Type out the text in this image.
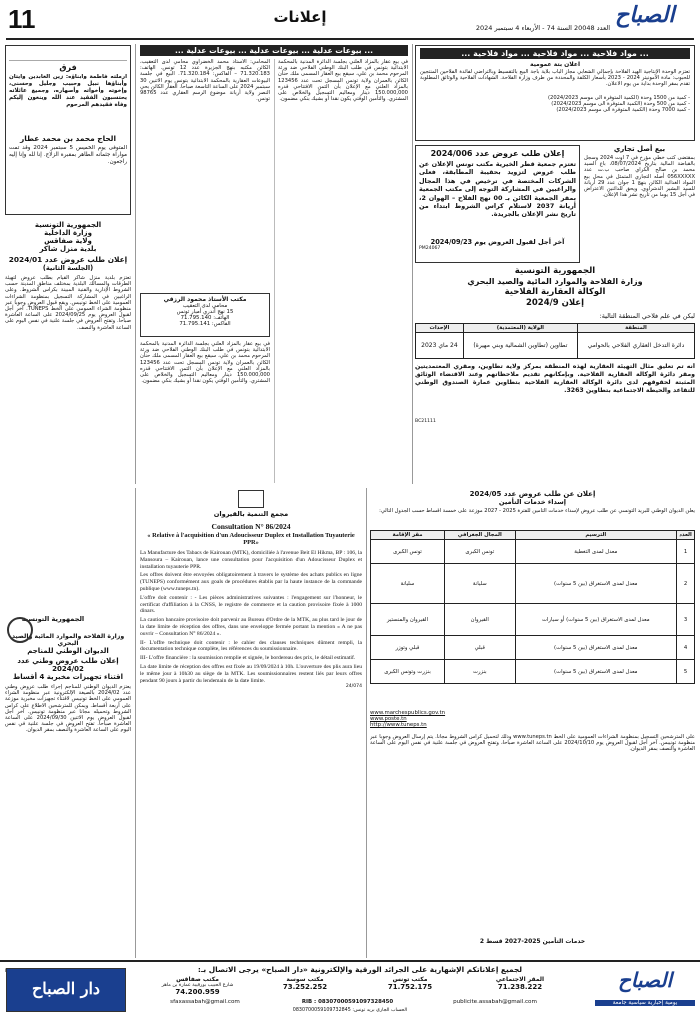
11	إعلانات
العدد 20048 السنة 74 - الأربعاء 4 سبتمبر 2024 الصباح
... مواد فلاحية ... مواد فلاحية ... مواد فلاحية ...
اعلان بتة عمومية
تعتزم الوحدة الإنتاجية الهيد الفلاحة بإجمالي الشعابي مجاز الباب بلاية باجة البيع بالتقسيط وبالتراضي لفائدة الفلاحين المنتجين للحبوب: مادة الأمونيتر 2024 - 2023 بأسعار الكلفة والمحددة من طرف وزارة الفلاحة. الشهادات الفلاحية والوثائق المطلوبة تقدم بمقر الوحدة بداية من يوم الاعلان.
- كمية من 1500 وحدة (الكمية المتوفرة الى موسم 2024/2023)
- كمية من 500 وحدة (الكمية المتوفرة الى موسم 2024/2023)
- كمية 7000 وحدة (الكمية المتوفرة الى موسم 2024/2023)
إعلان طلب عروض عدد 2024/006
تعتزم جمعية قطر الخيرية مكتب تونس الإعلان عن طلب عروض لتزويد بحقيبة المطابقة، فعلى الشركات المختصة في ترخيص في هذا المجال والراغبين في المشاركة التوجه إلى مكتب الجمعية بمقر الجمعية الكائن بـ 00 نهج الفلاح – الهوان 2، أريانة 2037 لاستلام كراس الشروط ابتداء من تاريخ نشر الإعلان بالجريدة.
آخر أجل لقبول العروض يوم 2024/09/23
PM24067
بيع أصل تجاري
بمقتضى كتب خطي مؤرخ في 7 أوت 2024 وسجل بالقباضة المالية بتاريخ 08/07/2024، باع السيد محمد بن صالح الكراي صاحب ب.ت عدد 056XXXXX أصله التجاري المتمثل في محل بيع المواد الغذائية الكائن بنهج 1 جوان عدد 29 أريانة للسيد البشير الدشراوي. ويحق للدائنين الاعتراض في أجل 15 يوما من تاريخ نشر هذا الإعلان.
الجمهورية التونسية
وزارة الفلاحة والموارد المائية والصيد البحري
الوكالة العقارية الفلاحية
إعلان 2024/9
لبكن في علم فلاحي المنطقة التالية:
المنطقة	الولاية (المعتمدية)	الإحداث
دائرة التدخل العقاري الفلاحي بالحوامي	تطاوين (تطاوين الشمالية وبني مهيرة)	24 ماي 2023
أنه تم تعليق مثال التهيئة العقارية لهذه المنطقة بمركز ولاية تطاوين، ومقري المعتمديتين ومقر دائرة الوكالة العقارية الفلاحية. وبإمكانهم تقديم ملاحظاتهم وعند الاقتضاء الوثائق المثبتة لحقوقهم لدى دائرة الوكالة العقارية الفلاحية بتطاوين عمارة الصندوق الوطني للتقاعد والحيطة الاجتماعية بتطاوين 3263.
BC21111
... بيوعات عدلية ... بيوعات عدلية ... بيوعات عدلية ...
في بيع عقار بالمزاد العلني بجلسة الدائرة المدنية بالمحكمة الابتدائية بتونس في طلب البنك الوطني الفلاحي ضد ورثة المرحوم محمد بن علي، سيقع بيع العقار المسمى ملك حنان الكائن بالعمران ولاية تونس المسجل تحت عدد 123456 بالمزاد العلني مع الإعلان بأن الثمن الافتتاحي قدره 150.000,000 دينار ومعاليم التسجيل والخلاص على المشتري. والتأمين الوقتي يكون نقدا أو بشيك بنكي مضمون.
المحامي: الأستاذ محمد الخضراوي محامي لدى التعقيب، الكائن مكتبه بنهج الجزيرة عدد 12 تونس. الهاتف: 71.320.183 – الفاكس: 71.320.184. البيع في جلسة البيوعات العقارية بالمحكمة الابتدائية بتونس يوم الاثنين 30 سبتمبر 2024 على الساعة التاسعة صباحا. العقار الكائن بحي النصر ولاية أريانة موضوع الرسم العقاري عدد 98765 تونس.
مكتب الأستاذ محمود الرزقي
محامي لدى التعقيب
15 نهج أندري أمبار تونس
الهاتف: 71.795.140
الفاكس: 71.795.141
في بيع عقار بالمزاد العلني بجلسة الدائرة المدنية بالمحكمة الابتدائية بتونس في طلب البنك الوطني الفلاحي ضد ورثة المرحوم محمد بن علي، سيقع بيع العقار المسمى ملك حنان الكائن بالعمران ولاية تونس المسجل تحت عدد 123456 بالمزاد العلني مع الإعلان بأن الثمن الافتتاحي قدره 150.000,000 دينار ومعاليم التسجيل والخلاص على المشتري. والتأمين الوقتي يكون نقدا أو بشيك بنكي مضمون.
فرق
أرملته فاطمة وأبناؤه: زين العابدين وأيتان وأبناؤها نبيل وحبيب وجليل وحسنى، وإخوته وأخواته وأصهاره، وجميع عائلاته يحتسبون الفقيد عند الله وينعون إليكم وفاة فقيدهم المرحوم
الحاج محمد بن محمد عطار
المتوفى يوم الخميس 5 سبتمبر 2024 وقد تمت مواراة جثمانه الطاهر بمقبرة الزلاج. إنا لله وإنا إليه راجعون.
الجمهورية التونسية
وزارة الداخلية
ولاية صفاقس
بلدية منزل شاكر
إعلان طلب عروض عدد 2024/01
(الجلسة الثانية)
تعتزم بلدية منزل شاكر القيام بطلب عروض لتهيئة الطرقات والمسالك البلدية بمختلف مناطق المدينة حسب الشروط الإدارية والفنية المبينة بكراس الشروط. وعلى الراغبين في المشاركة التسجيل بمنظومة الشراءات العمومية على الخط تونيبس. ويقع قبول العروض وجوبا عبر منظومة الشراء العمومي على الخط TUNEPS. آخر أجل لقبول العروض يوم 2024/09/25 على الساعة العاشرة صباحا. وتفتح العروض في جلسة علنية في نفس اليوم على الساعة العاشرة والنصف.
الجمهورية التونسية
وزارة الفلاحة والموارد المائية والصيد البحري
الديوان الوطني للمناجم
إعلان طلب عروض وطني عدد 2024/02
اقتناء تجهيزات مخبرية 4 أقساط
يعتزم الديوان الوطني للمناجم إجراء طلب عروض وطني عدد 2024/02 بالصيغة الإلكترونية عبر منظومة الشراء العمومي على الخط تونيبس لاقتناء تجهيزات مخبرية موزعة على أربعة أقساط. ويمكن للمترشحين الاطلاع على كراس الشروط وتحميله مجانا عبر منظومة تونيبس. آخر أجل لقبول العروض يوم الاثنين 2024/09/30 على الساعة العاشرة صباحا. تفتح العروض في جلسة علنية في نفس اليوم على الساعة العاشرة والنصف بمقر الديوان.
مجمع التنمية بالقيروان
Consultation N° 86/2024
« Relative à l'acquisition d'un Adoucisseur Duplex et Installation Tuyauterie PPR»
La Manufacture des Tabacs de Kairouan (MTK), domiciliée à l'avenue Beit El Hikma, BP : 106, la Mansoura – Kairouan, lance une consultation pour l'acquisition d'un Adoucisseur Duplex et installation tuyauterie PPR.
Les offres doivent être envoyées obligatoirement à travers le système des achats publics en ligne (TUNEPS) conformément aux goals de procédures établis par la haute instance de la commande publique (www.tuneps.tn).
L'offre doit contenir : - Les pièces administratives suivantes : l'engagement sur l'honneur, le certificat d'affiliation à la CNSS, le registre de commerce et la caution provisoire fixée à 1000 dinars.
La caution bancaire provisoire doit parvenir au Bureau d'Ordre de la MTK, au plus tard le jour de la date limite de réception des offres, dans une enveloppe fermée portant la mention « A ne pas ouvrir – Consultation N° 86/2024 ».
II- L'offre technique doit contenir : le cahier des clauses techniques dûment rempli, la documentation technique complète, les références du soumissionnaire.
III- L'offre financière : la soumission remplie et signée, le bordereau des prix, le détail estimatif.
La date limite de réception des offres est fixée au 19/09/2024 à 10h. L'ouverture des plis aura lieu le même jour à 10h30 au siège de la MTK. Les soumissionnaires restent liés par leurs offres pendant 90 jours à partir du lendemain de la date limite.
24/074
إعلان عن طلب عروض عدد 2024/05
إسداء خدمات التأمين
يعلن الديوان الوطني للبريد التونسي عن طلب عروض لإسداء خدمات التأمين للفترة 2025 - 2027 موزعة على خمسة أقساط حسب الجدول التالي:
العدد	الترسيم	المجال الجغرافي	مقر الإقامة
1	معدل لمدى التغطية	تونس الكبرى	تونس الكبرى
2	معدل لمدى الاستغراق (بين 5 سنوات)	سليانة	سليانة
3	معدل لمدى الاستغراق (بين 5 سنوات) أو سيارات	القيروان	القيروان والمنستير
4	معدل لمدى الاستغراق (بين 5 سنوات)	قبلي	قبلي وتوزر
5	معدل لمدى الاستغراق (بين 5 سنوات)	بنزرت	بنزرت وتونس الكبرى
www.marchespublics.gov.tn
www.poste.tn
http://www.tuneps.tn
على المترشحين التسجيل بمنظومة الشراءات العمومية على الخط www.tuneps.tn وذلك لتحميل كراس الشروط مجانا. يتم إرسال العروض وجوبا عبر منظومة تونيبس. آخر أجل لقبول العروض يوم 2024/10/10 على الساعة العاشرة صباحا، وتفتح العروض في جلسة علنية في نفس اليوم على الساعة العاشرة والنصف بمقر الديوان.
خدمات التأمين 2025-2027 قسط 2
لجميع إعلاناتكم الإشهارية على الجرائد الورقية والإلكترونية «دار الصباح» يرجى الاتصال بـ:
المقر الاجتماعي
71.238.222
مكتب تونس
71.752.175
مكتب سوسة
73.252.252
مكتب صفاقس
شارع الحبيب بورقيبة عمارة بن ماهر
74.200.959
publicite.assabah@gmail.com
sfaxassabah@gmail.com	RIB : 08307000591097328450
الحساب الجاري بريد تونس: 0830700059109732845
الصباح
يومية إخبارية سياسية جامعة
دار الصباح
